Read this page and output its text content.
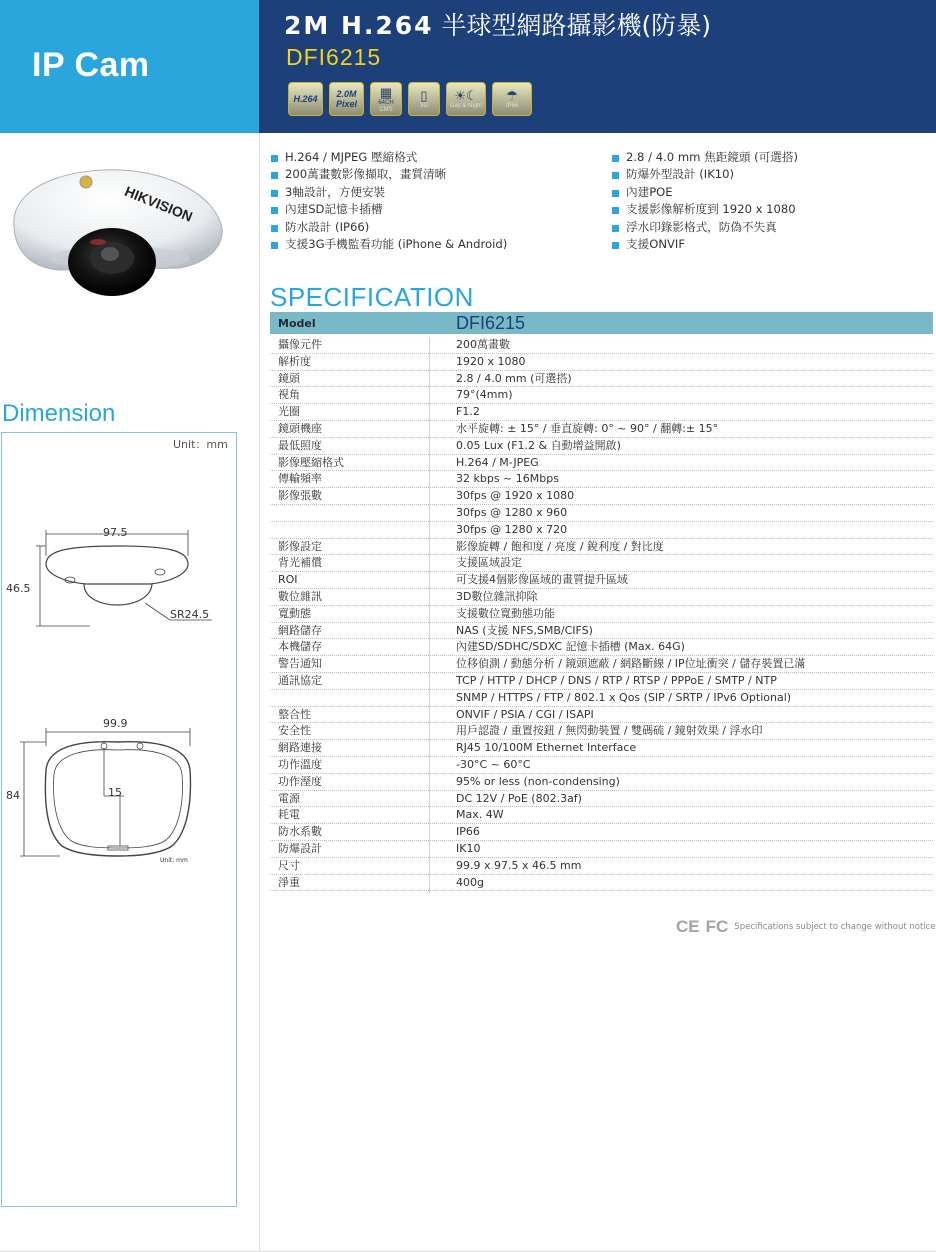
IP Cam
2M H.264 半球型網路攝影機(防暴)
DFI6215
H.264 2.0M
Pixel
▦
64CH
CMS
▯
3G
☀☾
Day & Night
☂
IP66
HIKVISION
H.264 / MJPEG 壓縮格式
200萬畫數影像擷取，畫質清晰
3軸設計，方便安裝
內建SD記憶卡插槽
防水設計 (IP66)
支援3G手機監看功能 (iPhone & Android)
2.8 / 4.0 mm 焦距鏡頭 (可選搭)
防爆外型設計 (IK10)
內建POE
支援影像解析度到 1920 x 1080
浮水印錄影格式，防偽不失真
支援ONVIF
Dimension
Unit：mm
97.5
46.5
SR24.5
99.9
84	15
Unit: mm
SPECIFICATION
Model	DFI6215
攝像元件	200萬畫數
解析度	1920 x 1080
鏡頭	2.8 / 4.0 mm (可選搭)
視角	79°(4mm)
光圈	F1.2
鏡頭機座	水平旋轉: ± 15° / 垂直旋轉: 0° ~ 90° / 翻轉:± 15°
最低照度	0.05 Lux (F1.2 & 自動增益開啟)
影像壓縮格式	H.264 / M-JPEG
傳輸頻率	32 kbps ~ 16Mbps
影像張數	30fps @ 1920 x 1080
30fps @ 1280 x 960
30fps @ 1280 x 720
影像設定	影像旋轉 / 飽和度 / 亮度 / 銳利度 / 對比度
背光補償	支援區域設定
ROI	可支援4個影像區域的畫質提升區域
數位雜訊	3D數位雜訊抑除
寬動態	支援數位寬動態功能
網路儲存	NAS (支援 NFS,SMB/CIFS)
本機儲存	內建SD/SDHC/SDXC 記憶卡插槽 (Max. 64G)
警告通知	位移偵測 / 動態分析 / 鏡頭遮蔽 / 網路斷線 / IP位址衝突 / 儲存裝置已滿
通訊協定	TCP / HTTP / DHCP / DNS / RTP / RTSP / PPPoE / SMTP / NTP
SNMP / HTTPS / FTP / 802.1 x Qos (SIP / SRTP / IPv6 Optional)
整合性	ONVIF / PSIA / CGI / ISAPI
安全性	用戶認證 / 重置按鈕 / 無閃動裝置 / 雙碼硫 / 鏡射效果 / 浮水印
網路連接	RJ45 10/100M Ethernet Interface
功作溫度	-30°C ~ 60°C
功作溼度	95% or less (non-condensing)
電源	DC 12V / PoE (802.3af)
耗電	Max. 4W
防水系數	IP66
防爆設計	IK10
尺寸	99.9 x 97.5 x 46.5 mm
淨重	400g
CE FC Specifications subject to change without notice
